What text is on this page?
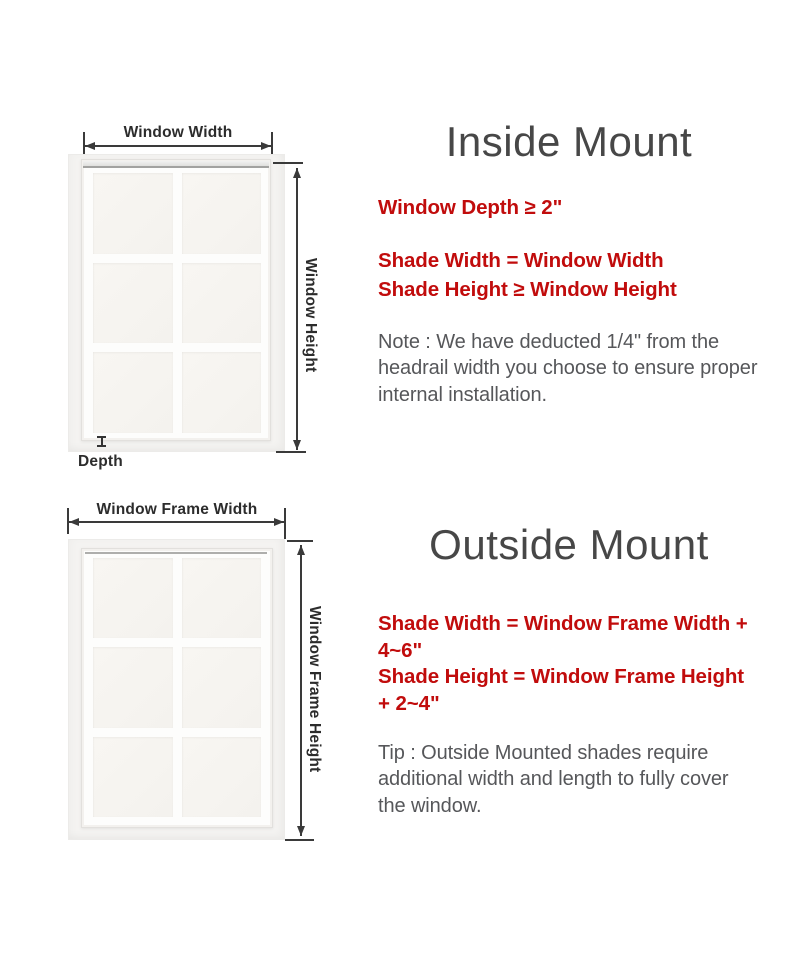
Window Width
Window Height
Depth
Inside Mount
Window Depth ≥ 2"
Shade Width = Window Width
Shade Height ≥ Window Height
Note : We have deducted 1/4" from the headrail width you choose to ensure proper internal installation.
Window Frame Width
Window Frame Height
Outside Mount
Shade Width = Window Frame Width + 4~6"
Shade Height = Window Frame Height + 2~4"
Tip : Outside Mounted shades require additional width and length to fully cover the window.
